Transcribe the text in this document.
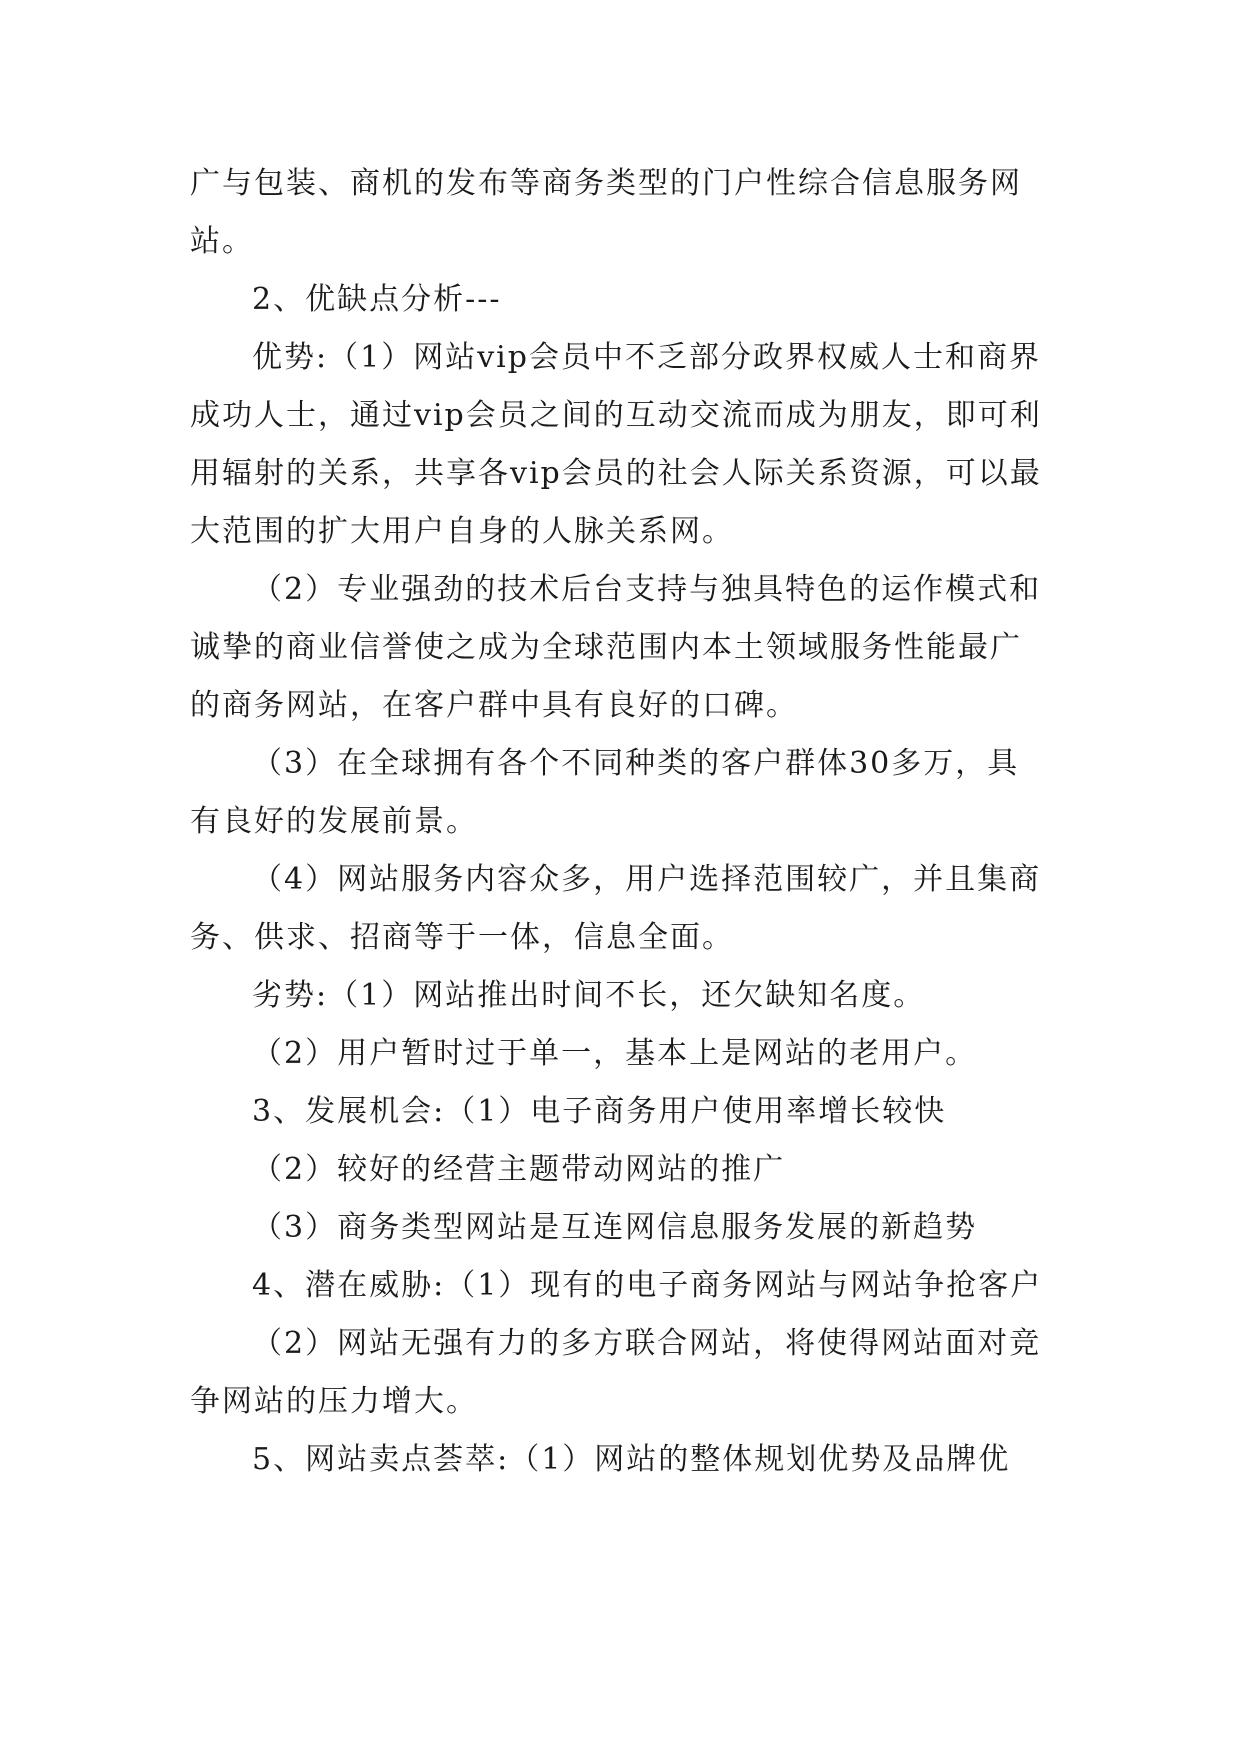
广与包装、商机的发布等商务类型的门户性综合信息服务网站。

2、优缺点分析---

优势:（1）网站vip会员中不乏部分政界权威人士和商界成功人士，通过vip会员之间的互动交流而成为朋友，即可利用辐射的关系，共享各vip会员的社会人际关系资源，可以最大范围的扩大用户自身的人脉关系网。

（2）专业强劲的技术后台支持与独具特色的运作模式和诚挚的商业信誉使之成为全球范围内本土领域服务性能最广的商务网站，在客户群中具有良好的口碑。

（3）在全球拥有各个不同种类的客户群体30多万，具有良好的发展前景。

（4）网站服务内容众多，用户选择范围较广，并且集商务、供求、招商等于一体，信息全面。

劣势:（1）网站推出时间不长，还欠缺知名度。

（2）用户暂时过于单一，基本上是网站的老用户。

3、发展机会:（1）电子商务用户使用率增长较快

（2）较好的经营主题带动网站的推广

（3）商务类型网站是互连网信息服务发展的新趋势

4、潜在威胁:（1）现有的电子商务网站与网站争抢客户

（2）网站无强有力的多方联合网站，将使得网站面对竞争网站的压力增大。

5、网站卖点荟萃:（1）网站的整体规划优势及品牌优
